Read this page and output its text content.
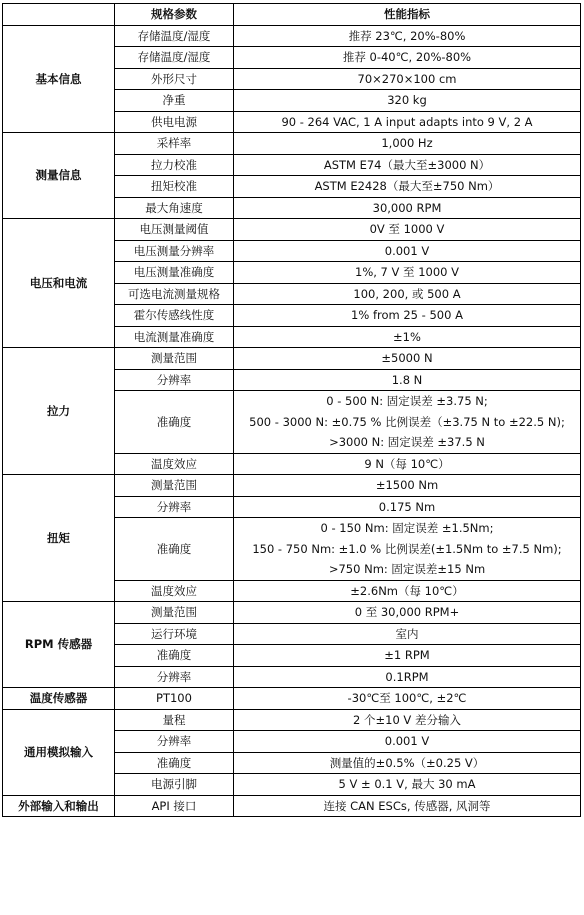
	规格参数	性能指标
基本信息	存储温度/湿度	推荐 23℃, 20%-80%
	存储温度/湿度	推荐 0-40℃, 20%-80%
	外形尺寸	70×270×100 cm
	净重	320 kg
	供电电源	90 - 264 VAC, 1 A input adapts into 9 V, 2 A
测量信息	采样率	1,000 Hz
	拉力校准	ASTM E74（最大至±3000 N）
	扭矩校准	ASTM E2428（最大至±750 Nm）
	最大角速度	30,000 RPM
电压和电流	电压测量阈值	0V 至 1000 V
	电压测量分辨率	0.001 V
	电压测量准确度	1%, 7 V 至 1000 V
	可选电流测量规格	100, 200, 或 500 A
	霍尔传感线性度	1% from 25 - 500 A
	电流测量准确度	±1%
拉力	测量范围	±5000 N
	分辨率	1.8 N
	准确度	0 - 500 N: 固定误差 ±3.75 N;
500 - 3000 N: ±0.75 % 比例误差（±3.75 N to ±22.5 N);
>3000 N: 固定误差 ±37.5 N
	温度效应	9 N（每 10℃）
扭矩	测量范围	±1500 Nm
	分辨率	0.175 Nm
	准确度	0 - 150 Nm: 固定误差 ±1.5Nm;
150 - 750 Nm: ±1.0 % 比例误差(±1.5Nm to ±7.5 Nm);
>750 Nm: 固定误差±15 Nm
	温度效应	±2.6Nm（每 10℃）
RPM 传感器	测量范围	0 至 30,000 RPM+
	运行环境	室内
	准确度	±1 RPM
	分辨率	0.1RPM
温度传感器	PT100	-30℃至 100℃, ±2℃
通用模拟输入	量程	2 个±10 V 差分输入
	分辨率	0.001 V
	准确度	测量值的±0.5%（±0.25 V）
	电源引脚	5 V ± 0.1 V, 最大 30 mA
外部输入和输出	API 接口	连接 CAN ESCs, 传感器, 风洞等
